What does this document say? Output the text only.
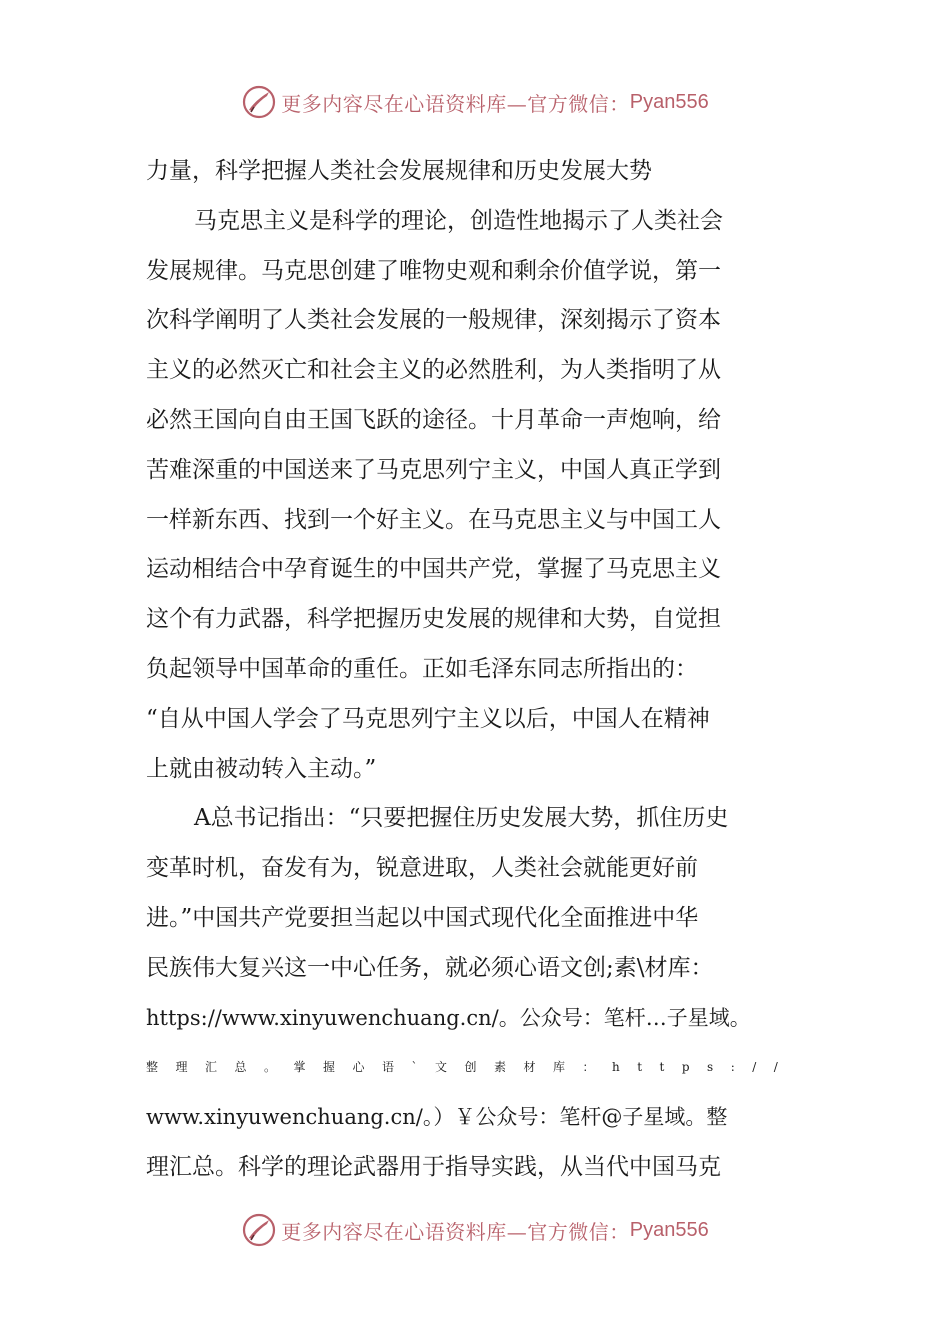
更多内容尽在心语资料库—官方微信： Pyan556
力量，科学把握人类社会发展规律和历史发展大势
马克思主义是科学的理论，创造性地揭示了人类社会
发展规律。马克思创建了唯物史观和剩余价值学说，第一
次科学阐明了人类社会发展的一般规律，深刻揭示了资本
主义的必然灭亡和社会主义的必然胜利，为人类指明了从
必然王国向自由王国飞跃的途径。十月革命一声炮响，给
苦难深重的中国送来了马克思列宁主义，中国人真正学到
一样新东西、找到一个好主义。在马克思主义与中国工人
运动相结合中孕育诞生的中国共产党，掌握了马克思主义
这个有力武器，科学把握历史发展的规律和大势，自觉担
负起领导中国革命的重任。正如毛泽东同志所指出的：
“自从中国人学会了马克思列宁主义以后，中国人在精神
上就由被动转入主动。”
A总书记指出：“只要把握住历史发展大势，抓住历史
变革时机，奋发有为，锐意进取，人类社会就能更好前
进。”中国共产党要担当起以中国式现代化全面推进中华
民族伟大复兴这一中心任务，就必须心语文创;素\材库：
https://www.xinyuwenchuang.cn/。公众号：笔杆…子星域。
整理汇总。掌握心语`文创素材库：https://
www.xinyuwenchuang.cn/。）￥公众号：笔杆@子星域。整
理汇总。科学的理论武器用于指导实践，从当代中国马克
更多内容尽在心语资料库—官方微信： Pyan556
